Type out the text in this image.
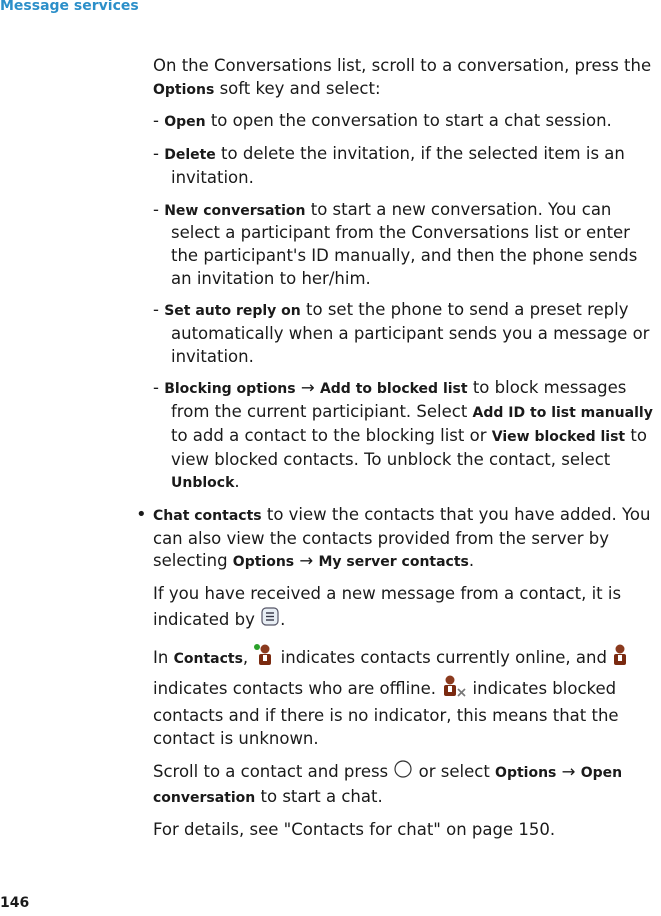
Message services

On the Conversations list, scroll to a conversation, press the Options soft key and select:

- Open to open the conversation to start a chat session.

- Delete to delete the invitation, if the selected item is an invitation.

- New conversation to start a new conversation. You can select a participant from the Conversations list or enter the participant's ID manually, and then the phone sends an invitation to her/him.

- Set auto reply on to set the phone to send a preset reply automatically when a participant sends you a message or invitation.

- Blocking options → Add to blocked list to block messages from the current participiant. Select Add ID to list manually to add a contact to the blocking list or View blocked list to view blocked contacts. To unblock the contact, select Unblock.

• Chat contacts to view the contacts that you have added. You can also view the contacts provided from the server by selecting Options → My server contacts.

If you have received a new message from a contact, it is indicated by .

In Contacts,  indicates contacts currently online, and  indicates contacts who are offline.  indicates blocked contacts and if there is no indicator, this means that the contact is unknown.

Scroll to a contact and press  or select Options → Open conversation to start a chat.

For details, see "Contacts for chat" on page 150.

146
